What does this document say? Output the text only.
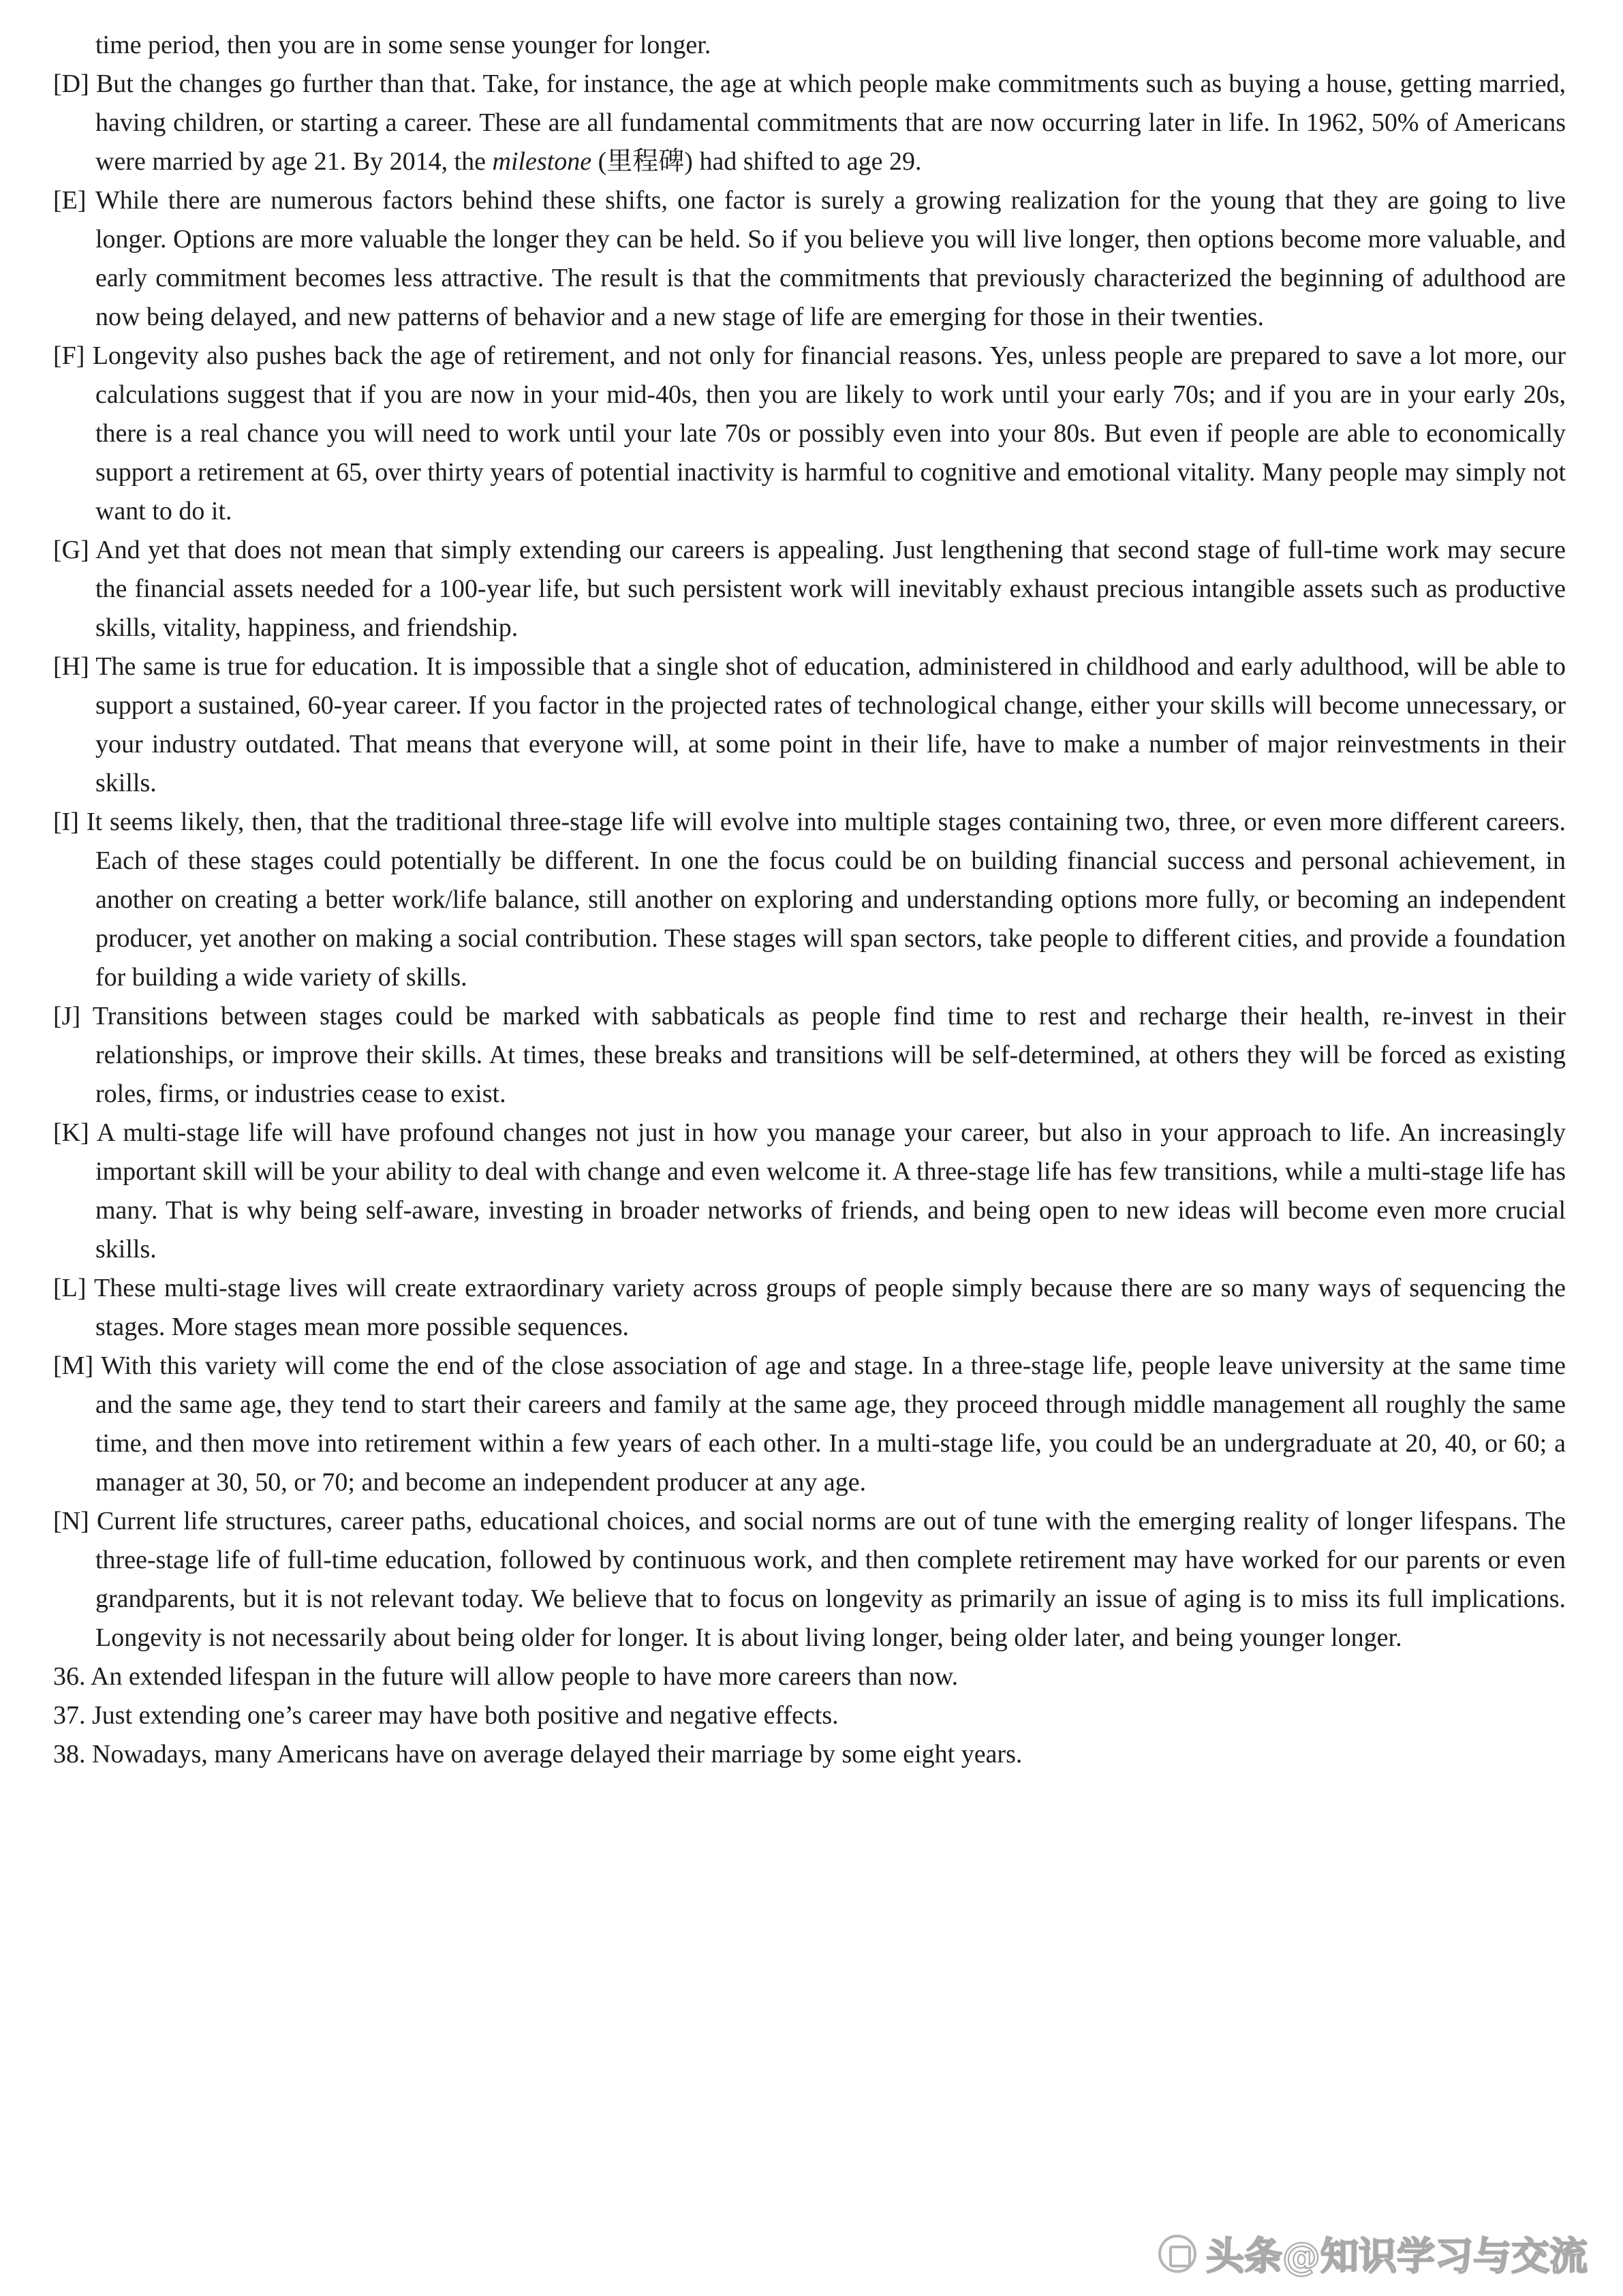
time period, then you are in some sense younger for longer.

[D] But the changes go further than that. Take, for instance, the age at which people make commitments such as buying a house, getting married, having children, or starting a career. These are all fundamental commitments that are now occurring later in life. In 1962, 50% of Americans were married by age 21. By 2014, the milestone (里程碑) had shifted to age 29.

[E] While there are numerous factors behind these shifts, one factor is surely a growing realization for the young that they are going to live longer. Options are more valuable the longer they can be held. So if you believe you will live longer, then options become more valuable, and early commitment becomes less attractive. The result is that the commitments that previously characterized the beginning of adulthood are now being delayed, and new patterns of behavior and a new stage of life are emerging for those in their twenties.

[F] Longevity also pushes back the age of retirement, and not only for financial reasons. Yes, unless people are prepared to save a lot more, our calculations suggest that if you are now in your mid-40s, then you are likely to work until your early 70s; and if you are in your early 20s, there is a real chance you will need to work until your late 70s or possibly even into your 80s. But even if people are able to economically support a retirement at 65, over thirty years of potential inactivity is harmful to cognitive and emotional vitality. Many people may simply not want to do it.

[G] And yet that does not mean that simply extending our careers is appealing. Just lengthening that second stage of full-time work may secure the financial assets needed for a 100-year life, but such persistent work will inevitably exhaust precious intangible assets such as productive skills, vitality, happiness, and friendship.

[H] The same is true for education. It is impossible that a single shot of education, administered in childhood and early adulthood, will be able to support a sustained, 60-year career. If you factor in the projected rates of technological change, either your skills will become unnecessary, or your industry outdated. That means that everyone will, at some point in their life, have to make a number of major reinvestments in their skills.

[I] It seems likely, then, that the traditional three-stage life will evolve into multiple stages containing two, three, or even more different careers. Each of these stages could potentially be different. In one the focus could be on building financial success and personal achievement, in another on creating a better work/life balance, still another on exploring and understanding options more fully, or becoming an independent producer, yet another on making a social contribution. These stages will span sectors, take people to different cities, and provide a foundation for building a wide variety of skills.

[J] Transitions between stages could be marked with sabbaticals as people find time to rest and recharge their health, re-invest in their relationships, or improve their skills. At times, these breaks and transitions will be self-determined, at others they will be forced as existing roles, firms, or industries cease to exist.

[K] A multi-stage life will have profound changes not just in how you manage your career, but also in your approach to life. An increasingly important skill will be your ability to deal with change and even welcome it. A three-stage life has few transitions, while a multi-stage life has many. That is why being self-aware, investing in broader networks of friends, and being open to new ideas will become even more crucial skills.

[L] These multi-stage lives will create extraordinary variety across groups of people simply because there are so many ways of sequencing the stages. More stages mean more possible sequences.

[M] With this variety will come the end of the close association of age and stage. In a three-stage life, people leave university at the same time and the same age, they tend to start their careers and family at the same age, they proceed through middle management all roughly the same time, and then move into retirement within a few years of each other. In a multi-stage life, you could be an undergraduate at 20, 40, or 60; a manager at 30, 50, or 70; and become an independent producer at any age.

[N] Current life structures, career paths, educational choices, and social norms are out of tune with the emerging reality of longer lifespans. The three-stage life of full-time education, followed by continuous work, and then complete retirement may have worked for our parents or even grandparents, but it is not relevant today. We believe that to focus on longevity as primarily an issue of aging is to miss its full implications. Longevity is not necessarily about being older for longer. It is about living longer, being older later, and being younger longer.

36. An extended lifespan in the future will allow people to have more careers than now.

37. Just extending one’s career may have both positive and negative effects.

38. Nowadays, many Americans have on average delayed their marriage by some eight years.

头条@知识学习与交流
